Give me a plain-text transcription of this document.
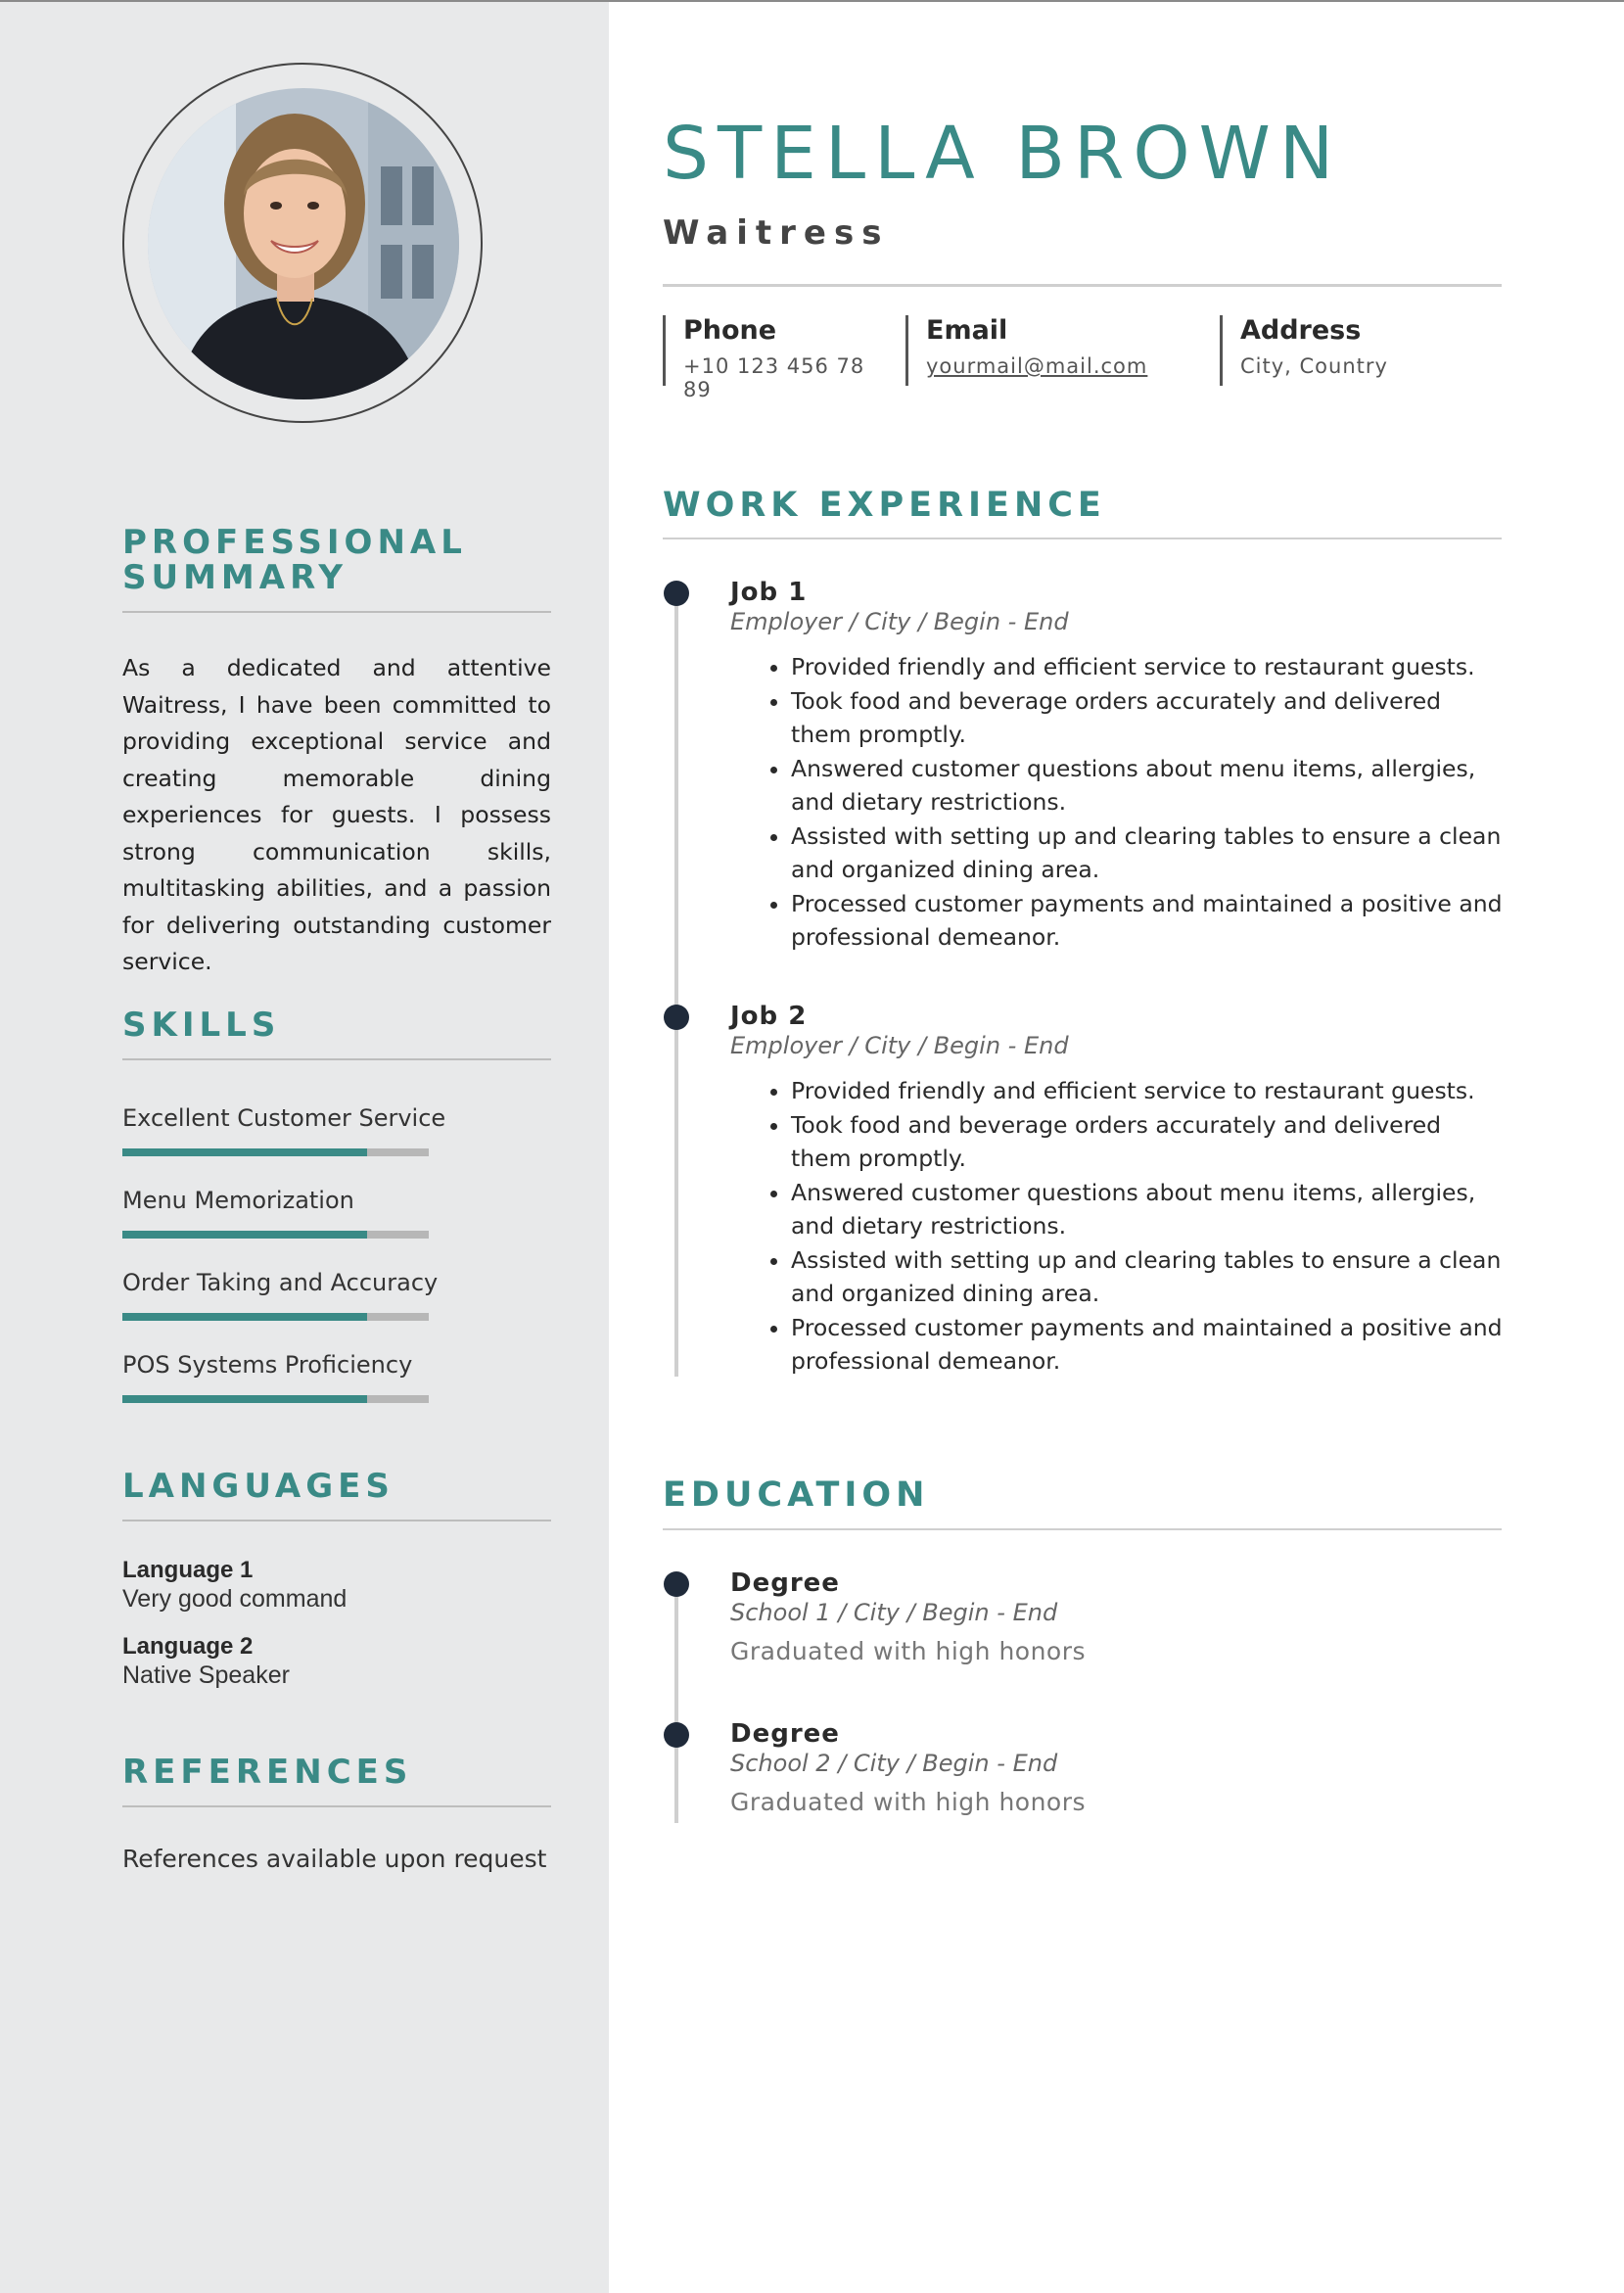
PROFESSIONAL
SUMMARY
As a dedicated and attentive Waitress, I have been committed to providing exceptional service and creating memorable dining experiences for guests. I possess strong communication skills, multitasking abilities, and a passion for delivering outstanding customer service.
SKILLS
Excellent Customer Service
Menu Memorization
Order Taking and Accuracy
POS Systems Proficiency
LANGUAGES
Language 1
Very good command
Language 2
Native Speaker
REFERENCES
References available upon request
STELLA BROWN
Waitress
Phone
+10 123 456 78 89
Email
yourmail@mail.com
Address
City, Country
WORK EXPERIENCE
Job 1
Employer / City / Begin - End
• Provided friendly and efficient service to restaurant guests.
• Took food and beverage orders accurately and delivered them promptly.
• Answered customer questions about menu items, allergies, and dietary restrictions.
• Assisted with setting up and clearing tables to ensure a clean and organized dining area.
• Processed customer payments and maintained a positive and professional demeanor.
Job 2
Employer / City / Begin - End
• Provided friendly and efficient service to restaurant guests.
• Took food and beverage orders accurately and delivered them promptly.
• Answered customer questions about menu items, allergies, and dietary restrictions.
• Assisted with setting up and clearing tables to ensure a clean and organized dining area.
• Processed customer payments and maintained a positive and professional demeanor.
EDUCATION
Degree
School 1 / City / Begin - End
Graduated with high honors
Degree
School 2 / City / Begin - End
Graduated with high honors
